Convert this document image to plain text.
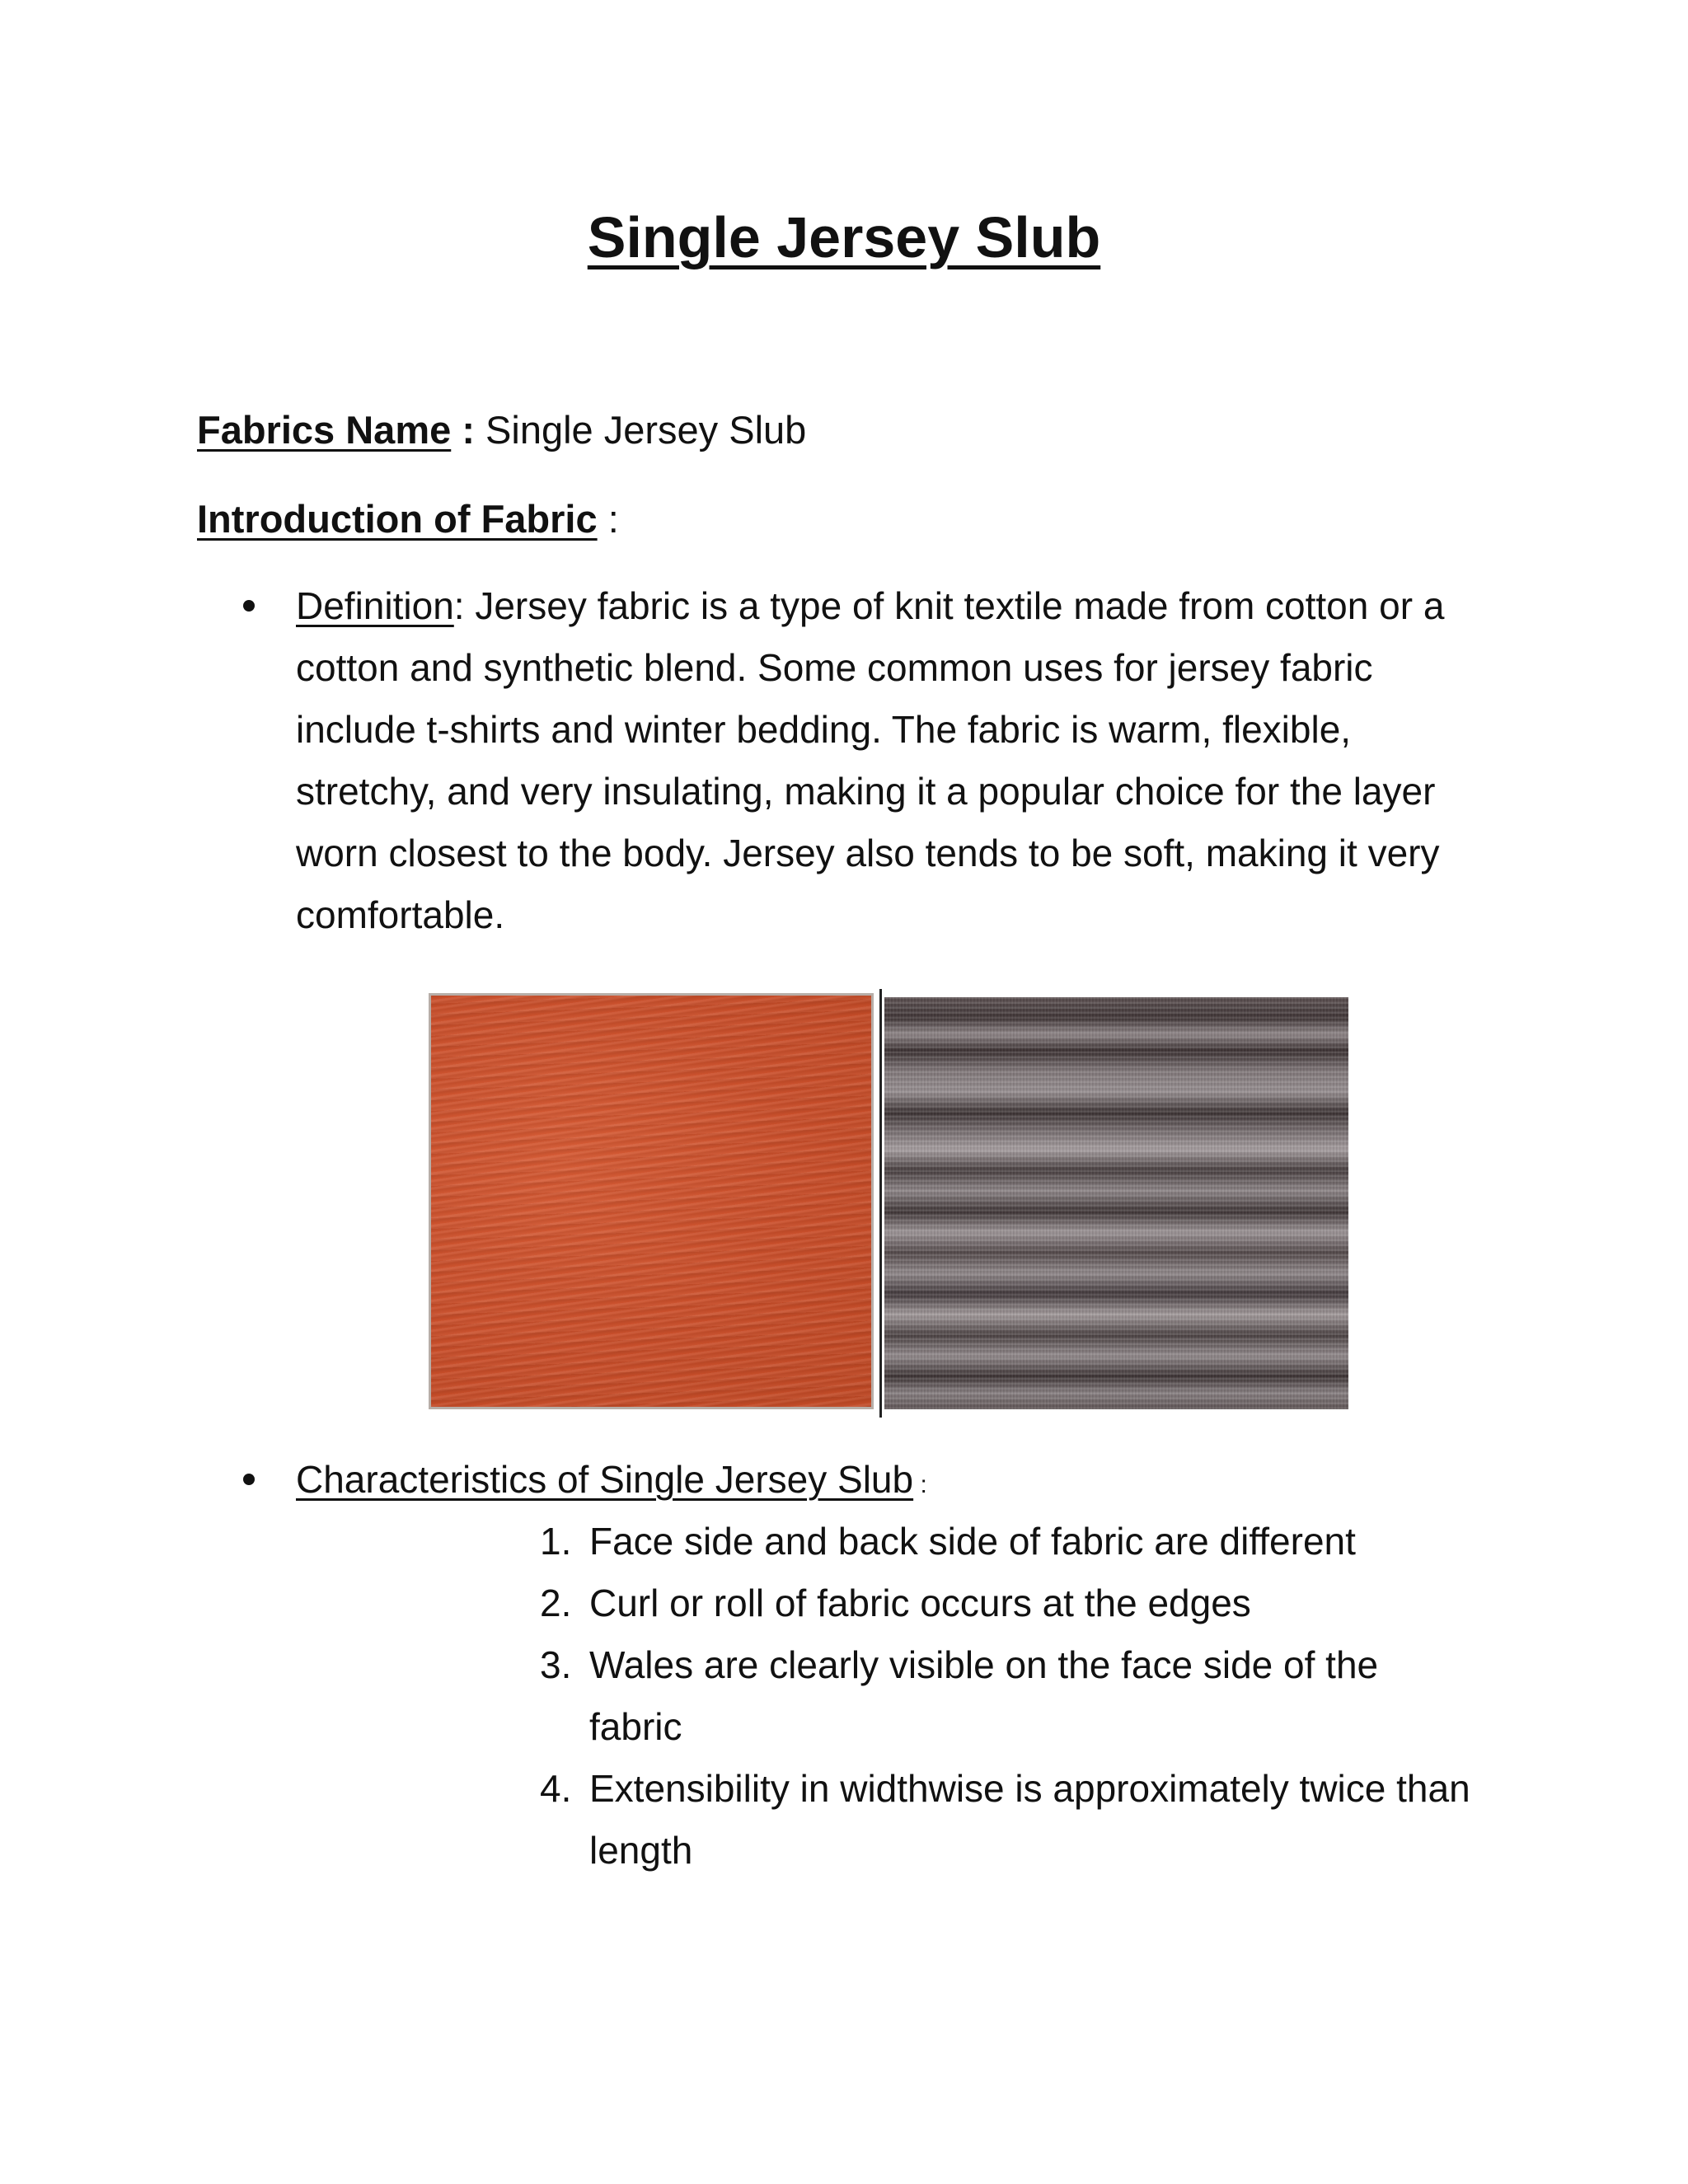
Single Jersey Slub
Fabrics Name : Single Jersey Slub
Introduction of Fabric :
Definition: Jersey fabric is a type of knit textile made from cotton or a cotton and synthetic blend. Some common uses for jersey fabric include t-shirts and winter bedding. The fabric is warm, flexible, stretchy, and very insulating, making it a popular choice for the layer worn closest to the body. Jersey also tends to be soft, making it very comfortable.
Characteristics of Single Jersey Slub :
1. Face side and back side of fabric are different
2. Curl or roll of fabric occurs at the edges
3. Wales are clearly visible on the face side of the fabric
4. Extensibility in widthwise is approximately twice than length
